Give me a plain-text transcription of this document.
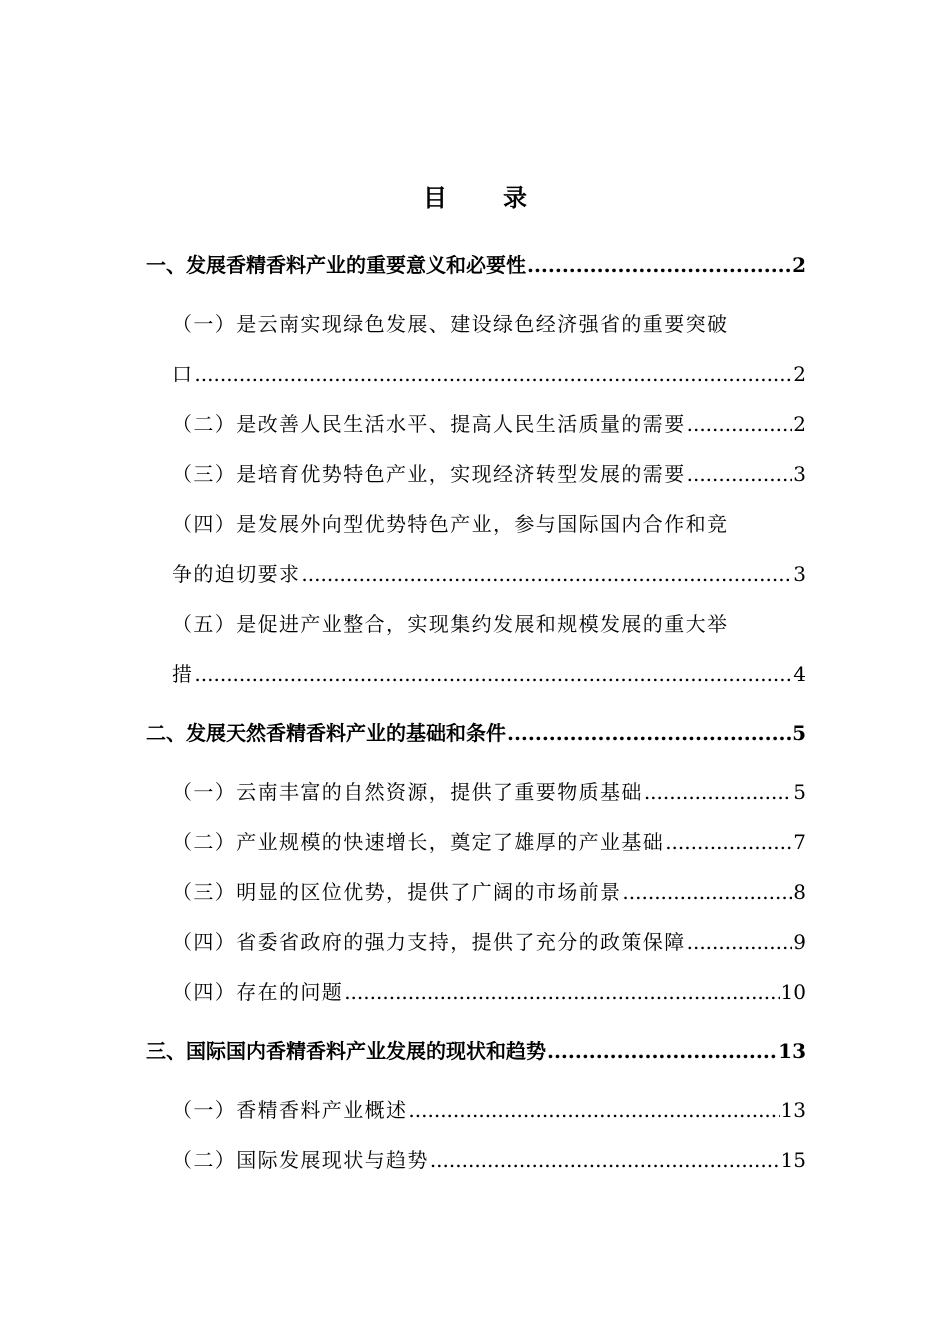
目　录
一、发展香精香料产业的重要意义和必要性 .....	2
（一）是云南实现绿色发展、建设绿色经济强省的重要突破
口 .....	2
（二）是改善人民生活水平、提高人民生活质量的需要 .....	2
（三）是培育优势特色产业，实现经济转型发展的需要 .....	3
（四）是发展外向型优势特色产业，参与国际国内合作和竞
争的迫切要求 .....	3
（五）是促进产业整合，实现集约发展和规模发展的重大举
措 .....	4
二、发展天然香精香料产业的基础和条件 .....	5
（一）云南丰富的自然资源，提供了重要物质基础 .....	5
（二）产业规模的快速增长，奠定了雄厚的产业基础 .....	7
（三）明显的区位优势，提供了广阔的市场前景 .....	8
（四）省委省政府的强力支持，提供了充分的政策保障 .....	9
（四）存在的问题 .....	10
三、国际国内香精香料产业发展的现状和趋势 .....	13
（一）香精香料产业概述 .....	13
（二）国际发展现状与趋势 .....	15
